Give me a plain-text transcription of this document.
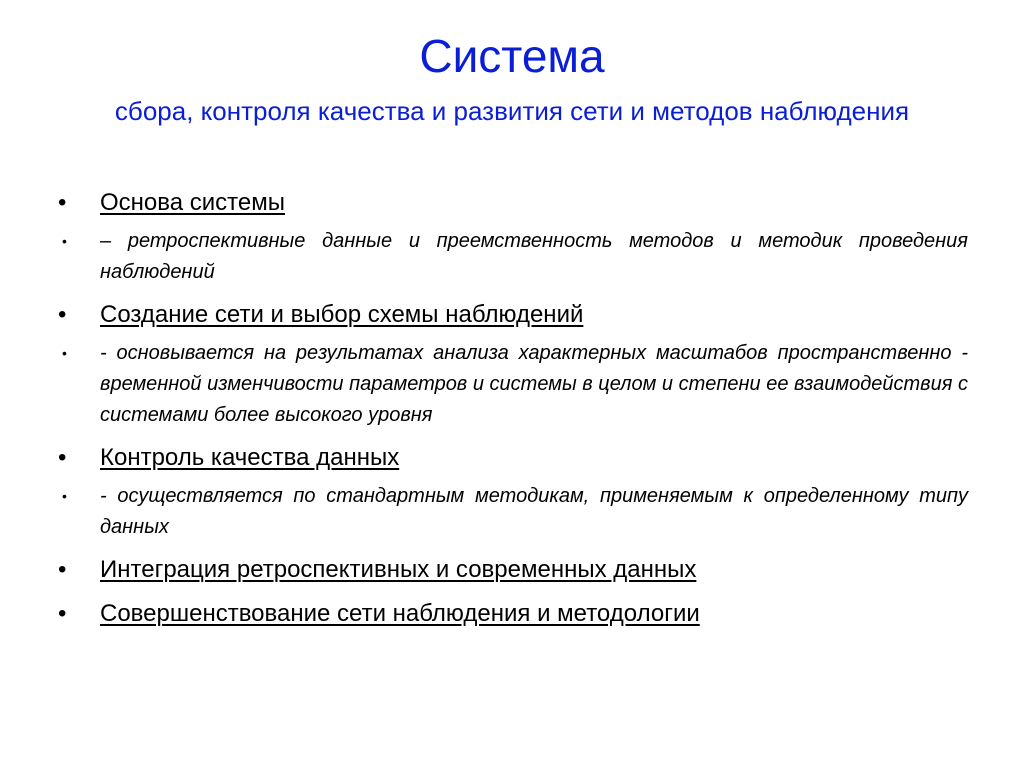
Система
сбора, контроля качества и развития сети и методов наблюдения
• Основа системы
• – ретроспективные данные и преемственность методов и методик проведения наблюдений
• Создание сети и выбор схемы наблюдений
• - основывается на результатах анализа характерных масштабов пространственно - временной изменчивости параметров и системы в целом и степени ее взаимодействия с системами более высокого уровня
• Контроль качества данных
• - осуществляется по стандартным методикам, применяемым к определенному типу данных
• Интеграция ретроспективных и современных данных
• Совершенствование сети наблюдения и методологии
